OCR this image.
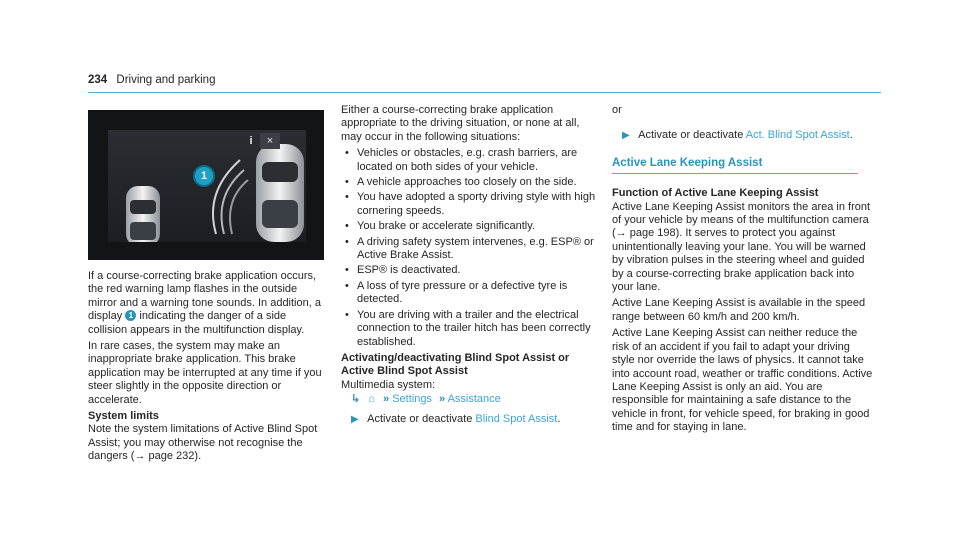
234 Driving and parking
i	×
1

If a course-correcting brake application occurs, the red warning lamp flashes in the outside mirror and a warning tone sounds. In addition, a display 1 indicating the danger of a side collision appears in the multifunction display.

In rare cases, the system may make an inappropriate brake application. This brake application may be interrupted at any time if you steer slightly in the opposite direction or accelerate.

System limits

Note the system limitations of Active Blind Spot Assist; you may otherwise not recognise the dangers (→ page 232).

Either a course-correcting brake application appropriate to the driving situation, or none at all, may occur in the following situations:

• Vehicles or obstacles, e.g. crash barriers, are located on both sides of your vehicle.
• A vehicle approaches too closely on the side.
• You have adopted a sporty driving style with high cornering speeds.
• You brake or accelerate significantly.
• A driving safety system intervenes, e.g. ESP® or Active Brake Assist.
• ESP® is deactivated.
• A loss of tyre pressure or a defective tyre is detected.
• You are driving with a trailer and the electrical connection to the trailer hitch has been correctly established.
Activating/deactivating Blind Spot Assist or Active Blind Spot Assist

Multimedia system:

↳ ⌂ » Settings » Assistance
▶ Activate or deactivate Blind Spot Assist.

or

▶ Activate or deactivate Act. Blind Spot Assist.
Active Lane Keeping Assist
Function of Active Lane Keeping Assist

Active Lane Keeping Assist monitors the area in front of your vehicle by means of the multifunction camera (→ page 198). It serves to protect you against unintentionally leaving your lane. You will be warned by vibration pulses in the steering wheel and guided by a course-correcting brake application back into your lane.

Active Lane Keeping Assist is available in the speed range between 60 km/h and 200 km/h.

Active Lane Keeping Assist can neither reduce the risk of an accident if you fail to adapt your driving style nor override the laws of physics. It cannot take into account road, weather or traffic conditions. Active Lane Keeping Assist is only an aid. You are responsible for maintaining a safe distance to the vehicle in front, for vehicle speed, for braking in good time and for staying in lane.
